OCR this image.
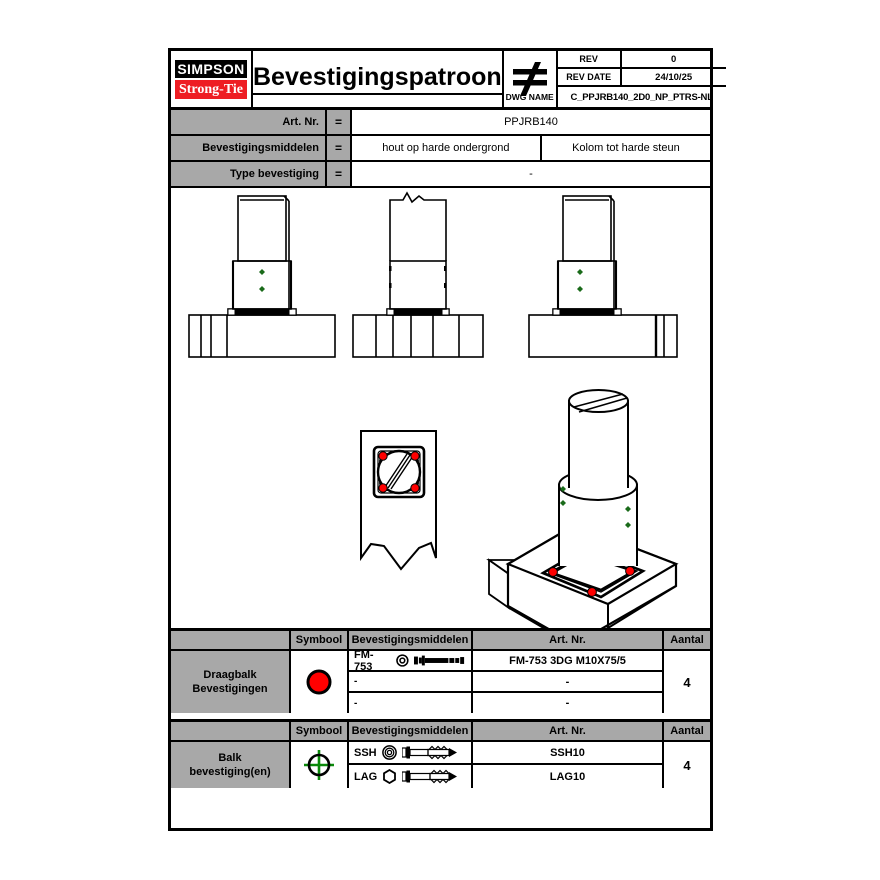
SIMPSON
Strong-Tie Bevestigingspatroon
REV	0
REV DATE	24/10/25
DWG NAME	C_PPJRB140_2D0_NP_PTRS-NL
Art. Nr.	=	PPJRB140
Bevestigingsmiddelen	=	hout op harde ondergrond	Kolom tot harde steun
Type bevestiging	=	-
Symbool Bevestigingsmiddelen	Art. Nr.	Aantal
Draagbalk
Bevestigingen
FM-753	FM-753 3DG M10X75/5
-	-
-	-
4
Symbool Bevestigingsmiddelen	Art. Nr.	Aantal
Balk
bevestiging(en)
SSH	SSH10
LAG	LAG10
4
